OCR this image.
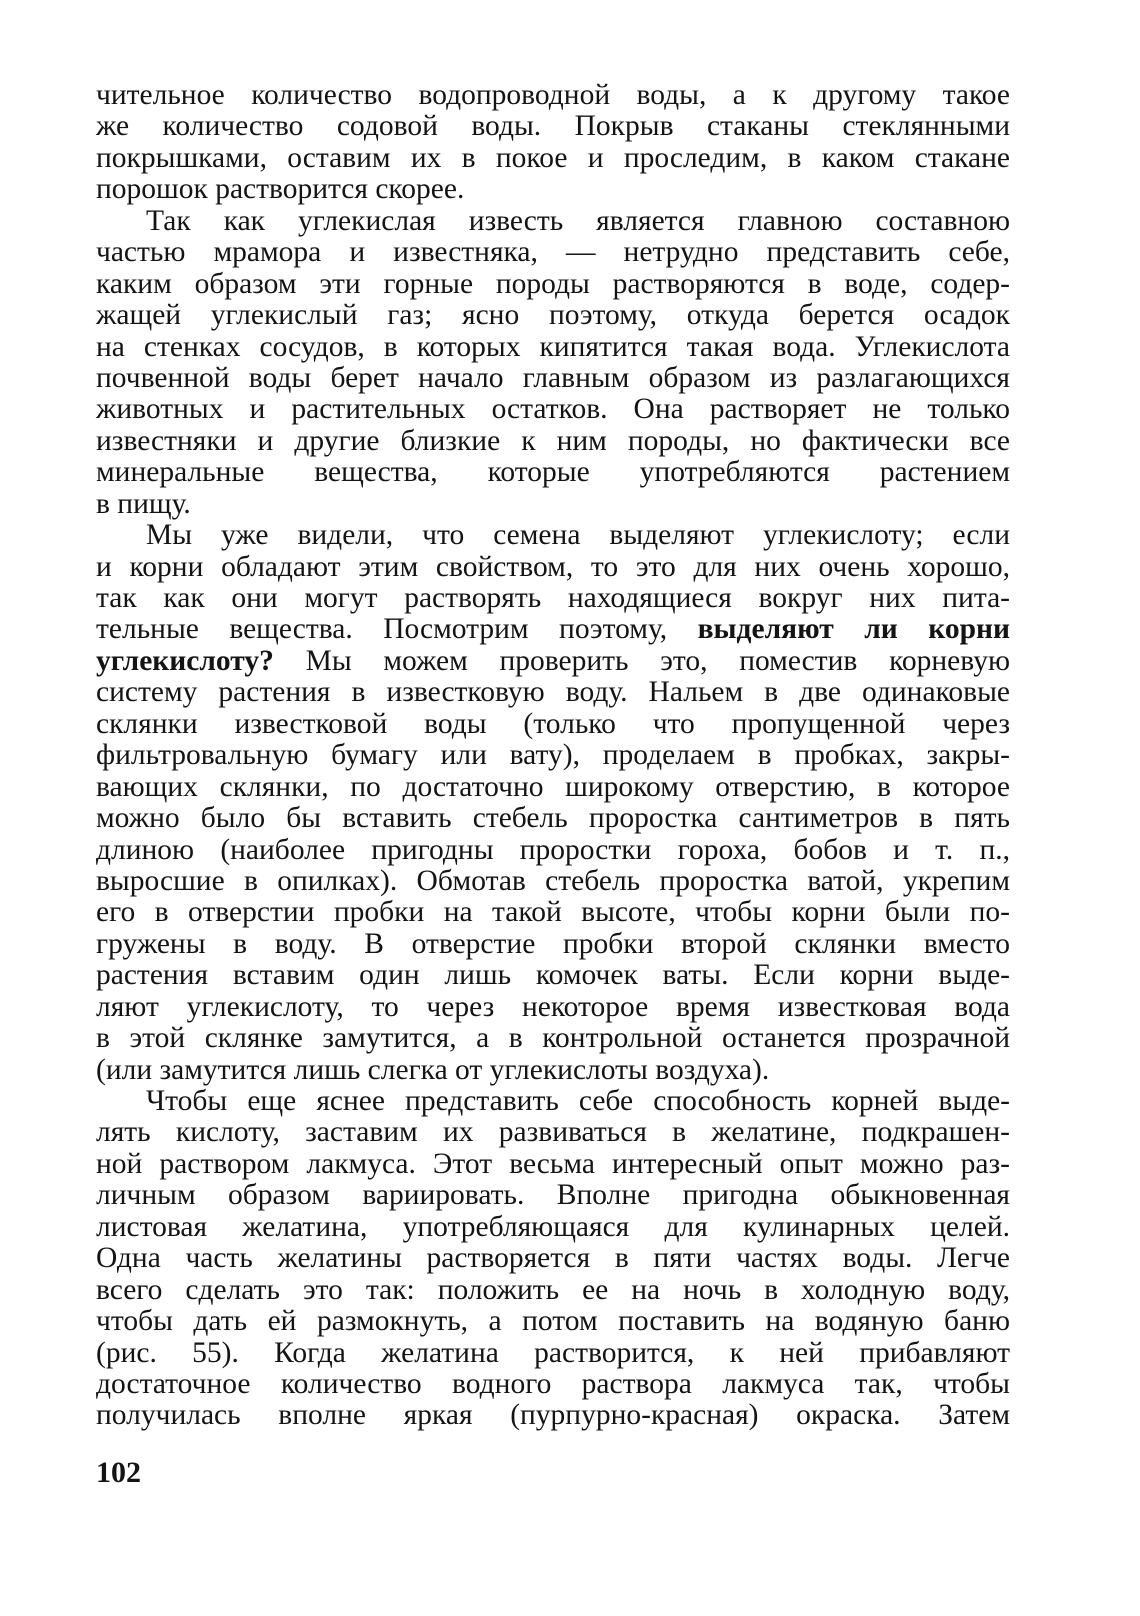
чительное количество водопроводной воды, а к другому такое
же количество содовой воды. Покрыв стаканы стеклянными
покрышками, оставим их в покое и проследим, в каком стакане
порошок растворится скорее.
Так как углекислая известь является главною составною
частью мрамора и известняка, — нетрудно представить себе,
каким образом эти горные породы растворяются в воде, содер-
жащей углекислый газ; ясно поэтому, откуда берется осадок
на стенках сосудов, в которых кипятится такая вода. Углекислота
почвенной воды берет начало главным образом из разлагающихся
животных и растительных остатков. Она растворяет не только
известняки и другие близкие к ним породы, но фактически все
минеральные вещества, которые употребляются растением
в пищу.
Мы уже видели, что семена выделяют углекислоту; если
и корни обладают этим свойством, то это для них очень хорошо,
так как они могут растворять находящиеся вокруг них пита-
тельные вещества. Посмотрим поэтому, выделяют ли корни
углекислоту? Мы можем проверить это, поместив корневую
систему растения в известковую воду. Нальем в две одинаковые
склянки известковой воды (только что пропущенной через
фильтровальную бумагу или вату), проделаем в пробках, закры-
вающих склянки, по достаточно широкому отверстию, в которое
можно было бы вставить стебель проростка сантиметров в пять
длиною (наиболее пригодны проростки гороха, бобов и т. п.,
выросшие в опилках). Обмотав стебель проростка ватой, укрепим
его в отверстии пробки на такой высоте, чтобы корни были по-
гружены в воду. В отверстие пробки второй склянки вместо
растения вставим один лишь комочек ваты. Если корни выде-
ляют углекислоту, то через некоторое время известковая вода
в этой склянке замутится, а в контрольной останется прозрачной
(или замутится лишь слегка от углекислоты воздуха).
Чтобы еще яснее представить себе способность корней выде-
лять кислоту, заставим их развиваться в желатине, подкрашен-
ной раствором лакмуса. Этот весьма интересный опыт можно раз-
личным образом вариировать. Вполне пригодна обыкновенная
листовая желатина, употребляющаяся для кулинарных целей.
Одна часть желатины растворяется в пяти частях воды. Легче
всего сделать это так: положить ее на ночь в холодную воду,
чтобы дать ей размокнуть, а потом поставить на водяную баню
(рис. 55). Когда желатина растворится, к ней прибавляют
достаточное количество водного раствора лакмуса так, чтобы
получилась вполне яркая (пурпурно-красная) окраска. Затем
102
